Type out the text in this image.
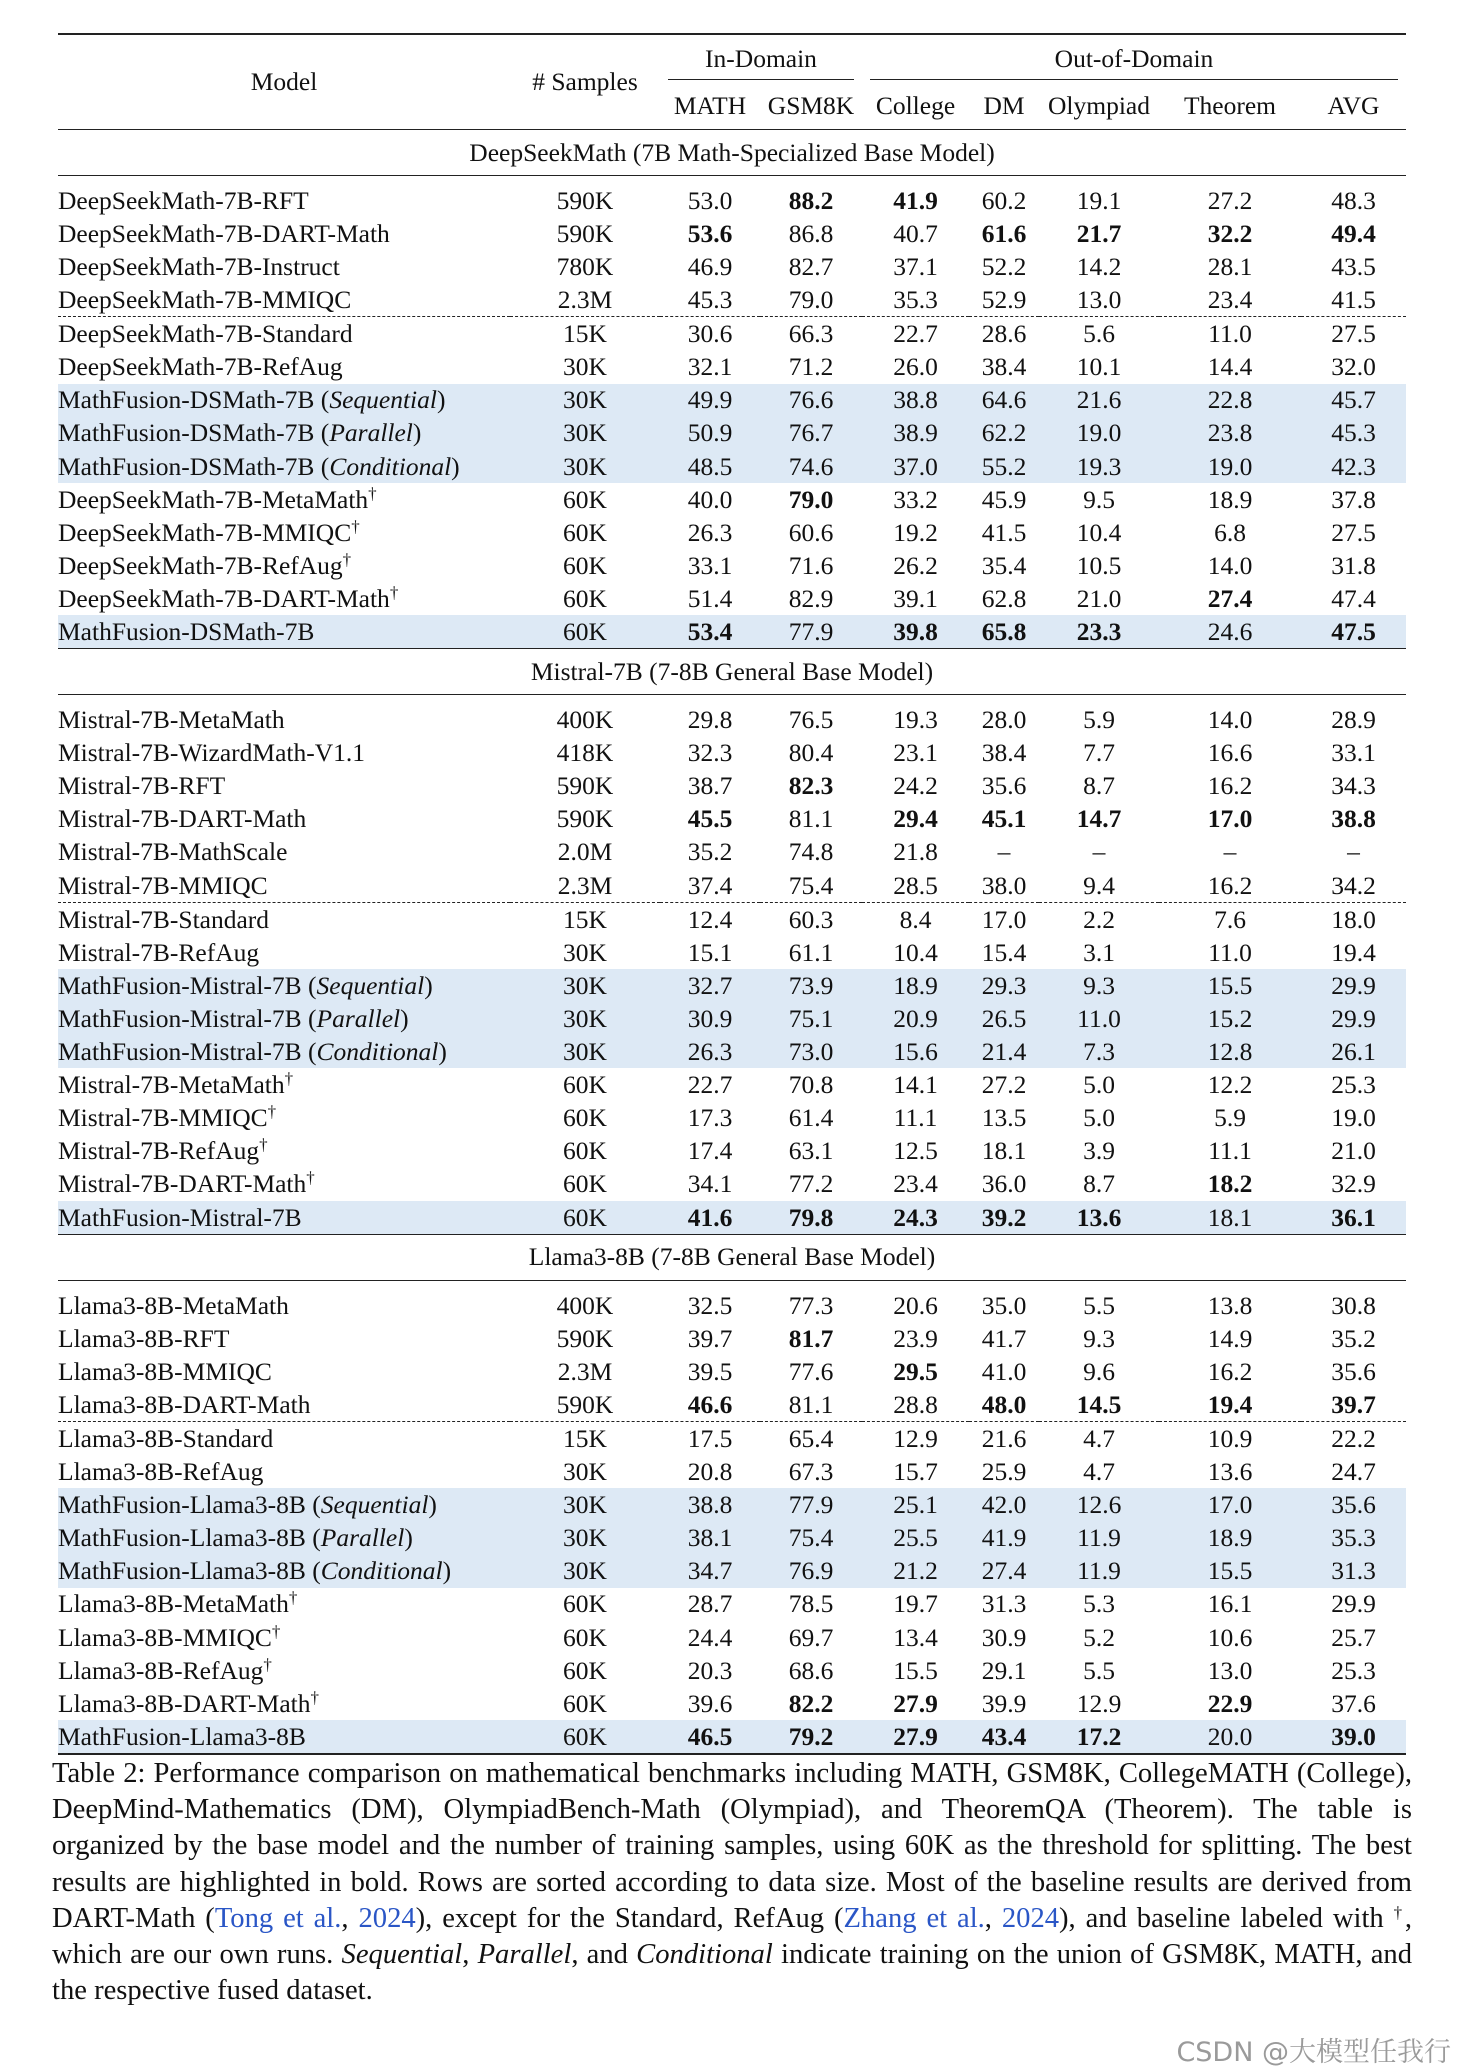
Model	# Samples	In-Domain		Out-of-Domain				

		MATH	GSM8K	College	DM	Olympiad	Theorem	AVG
DeepSeekMath (7B Math-Specialized Base Model)								

DeepSeekMath-7B-RFT	590K	53.0	88.2	41.9	60.2	19.1	27.2	48.3
DeepSeekMath-7B-DART-Math	590K	53.6	86.8	40.7	61.6	21.7	32.2	49.4
DeepSeekMath-7B-Instruct	780K	46.9	82.7	37.1	52.2	14.2	28.1	43.5
DeepSeekMath-7B-MMIQC	2.3M	45.3	79.0	35.3	52.9	13.0	23.4	41.5
DeepSeekMath-7B-Standard	15K	30.6	66.3	22.7	28.6	5.6	11.0	27.5
DeepSeekMath-7B-RefAug	30K	32.1	71.2	26.0	38.4	10.1	14.4	32.0
MathFusion-DSMath-7B (Sequential)	30K	49.9	76.6	38.8	64.6	21.6	22.8	45.7
MathFusion-DSMath-7B (Parallel)	30K	50.9	76.7	38.9	62.2	19.0	23.8	45.3
MathFusion-DSMath-7B (Conditional)	30K	48.5	74.6	37.0	55.2	19.3	19.0	42.3
DeepSeekMath-7B-MetaMath†	60K	40.0	79.0	33.2	45.9	9.5	18.9	37.8
DeepSeekMath-7B-MMIQC†	60K	26.3	60.6	19.2	41.5	10.4	6.8	27.5
DeepSeekMath-7B-RefAug†	60K	33.1	71.6	26.2	35.4	10.5	14.0	31.8
DeepSeekMath-7B-DART-Math†	60K	51.4	82.9	39.1	62.8	21.0	27.4	47.4
MathFusion-DSMath-7B	60K	53.4	77.9	39.8	65.8	23.3	24.6	47.5
Mistral-7B (7-8B General Base Model)								

Mistral-7B-MetaMath	400K	29.8	76.5	19.3	28.0	5.9	14.0	28.9
Mistral-7B-WizardMath-V1.1	418K	32.3	80.4	23.1	38.4	7.7	16.6	33.1
Mistral-7B-RFT	590K	38.7	82.3	24.2	35.6	8.7	16.2	34.3
Mistral-7B-DART-Math	590K	45.5	81.1	29.4	45.1	14.7	17.0	38.8
Mistral-7B-MathScale	2.0M	35.2	74.8	21.8	–	–	–	–
Mistral-7B-MMIQC	2.3M	37.4	75.4	28.5	38.0	9.4	16.2	34.2
Mistral-7B-Standard	15K	12.4	60.3	8.4	17.0	2.2	7.6	18.0
Mistral-7B-RefAug	30K	15.1	61.1	10.4	15.4	3.1	11.0	19.4
MathFusion-Mistral-7B (Sequential)	30K	32.7	73.9	18.9	29.3	9.3	15.5	29.9
MathFusion-Mistral-7B (Parallel)	30K	30.9	75.1	20.9	26.5	11.0	15.2	29.9
MathFusion-Mistral-7B (Conditional)	30K	26.3	73.0	15.6	21.4	7.3	12.8	26.1
Mistral-7B-MetaMath†	60K	22.7	70.8	14.1	27.2	5.0	12.2	25.3
Mistral-7B-MMIQC†	60K	17.3	61.4	11.1	13.5	5.0	5.9	19.0
Mistral-7B-RefAug†	60K	17.4	63.1	12.5	18.1	3.9	11.1	21.0
Mistral-7B-DART-Math†	60K	34.1	77.2	23.4	36.0	8.7	18.2	32.9
MathFusion-Mistral-7B	60K	41.6	79.8	24.3	39.2	13.6	18.1	36.1
Llama3-8B (7-8B General Base Model)								

Llama3-8B-MetaMath	400K	32.5	77.3	20.6	35.0	5.5	13.8	30.8
Llama3-8B-RFT	590K	39.7	81.7	23.9	41.7	9.3	14.9	35.2
Llama3-8B-MMIQC	2.3M	39.5	77.6	29.5	41.0	9.6	16.2	35.6
Llama3-8B-DART-Math	590K	46.6	81.1	28.8	48.0	14.5	19.4	39.7
Llama3-8B-Standard	15K	17.5	65.4	12.9	21.6	4.7	10.9	22.2
Llama3-8B-RefAug	30K	20.8	67.3	15.7	25.9	4.7	13.6	24.7
MathFusion-Llama3-8B (Sequential)	30K	38.8	77.9	25.1	42.0	12.6	17.0	35.6
MathFusion-Llama3-8B (Parallel)	30K	38.1	75.4	25.5	41.9	11.9	18.9	35.3
MathFusion-Llama3-8B (Conditional)	30K	34.7	76.9	21.2	27.4	11.9	15.5	31.3
Llama3-8B-MetaMath†	60K	28.7	78.5	19.7	31.3	5.3	16.1	29.9
Llama3-8B-MMIQC†	60K	24.4	69.7	13.4	30.9	5.2	10.6	25.7
Llama3-8B-RefAug†	60K	20.3	68.6	15.5	29.1	5.5	13.0	25.3
Llama3-8B-DART-Math†	60K	39.6	82.2	27.9	39.9	12.9	22.9	37.6
MathFusion-Llama3-8B	60K	46.5	79.2	27.9	43.4	17.2	20.0	39.0
Table 2: Performance comparison on mathematical benchmarks including MATH, GSM8K, CollegeMATH (College), DeepMind-Mathematics (DM), OlympiadBench-Math (Olympiad), and TheoremQA (Theorem). The table is organized by the base model and the number of training samples, using 60K as the threshold for splitting. The best results are highlighted in bold. Rows are sorted according to data size. Most of the baseline results are derived from DART-Math (Tong et al., 2024), except for the Standard, RefAug (Zhang et al., 2024), and baseline labeled with †, which are our own runs. Sequential, Parallel, and Conditional indicate training on the union of GSM8K, MATH, and the respective fused dataset.
CSDN @大模型任我行
